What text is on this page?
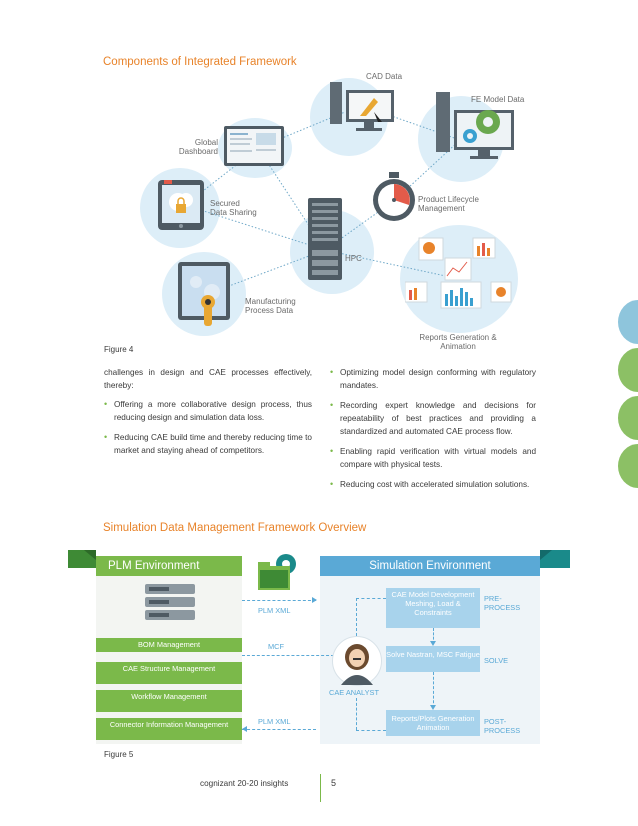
Components of Integrated Framework
CAD Data
FE Model Data
Global
Dashboard
Secured
Data Sharing
Product Lifecycle
Management
HPC
Manufacturing
Process Data
Reports Generation &
Animation
Figure 4

challenges in design and CAE processes effectively, thereby:

• Offering a more collaborative design process, thus reducing design and simulation data loss.
• Reducing CAE build time and thereby reducing time to market and staying ahead of competitors.
• Optimizing model design conforming with regulatory mandates.
• Recording expert knowledge and decisions for repeatability of best practices and providing a standardized and automated CAE process flow.
• Enabling rapid verification with virtual models and compare with physical tests.
• Reducing cost with accelerated simulation solutions.
Simulation Data Management Framework Overview
PLM Environment	Simulation Environment
BOM Management
CAE Structure Management
Workflow Management
Connector Information Management
PLM XML
MCF
PLM XML
CAE ANALYST
CAE Model Development Meshing, Load & Constraints
Solve Nastran, MSC Fatigue
Reports/Plots Generation Animation
PRE-PROCESS
SOLVE
POST-PROCESS
Figure 5
cognizant 20-20 insights	5
